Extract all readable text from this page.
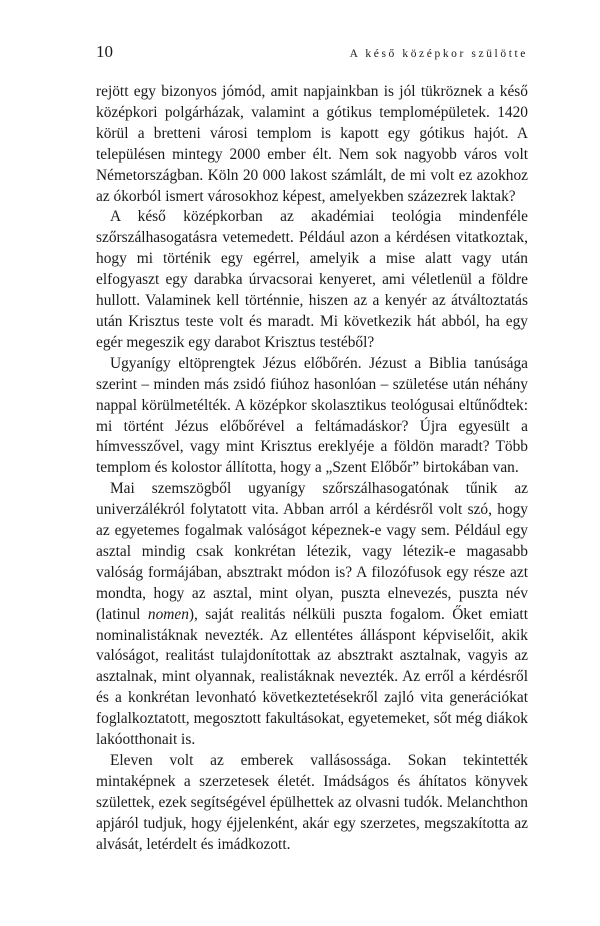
10	A késő középkor szülötte

rejött egy bizonyos jómód, amit napjainkban is jól tükröznek a késő középkori polgárházak, valamint a gótikus templomépületek. 1420 körül a bretteni városi templom is kapott egy gótikus hajót. A településen mintegy 2000 ember élt. Nem sok nagyobb város volt Németországban. Köln 20 000 lakost számlált, de mi volt ez azokhoz az ókorból ismert városokhoz képest, amelyekben százezrek laktak?

A késő középkorban az akadémiai teológia mindenféle szőrszálhasogatásra vetemedett. Például azon a kérdésen vitatkoztak, hogy mi történik egy egérrel, amelyik a mise alatt vagy után elfogyaszt egy darabka úrvacsorai kenyeret, ami véletlenül a földre hullott. Valaminek kell történnie, hiszen az a kenyér az átváltoztatás után Krisztus teste volt és maradt. Mi következik hát abból, ha egy egér megeszik egy darabot Krisztus testéből?

Ugyanígy eltöprengtek Jézus előbőrén. Jézust a Biblia tanúsága szerint – minden más zsidó fiúhoz hasonlóan – születése után néhány nappal körülmetélték. A középkor skolasztikus teológusai eltűnődtek: mi történt Jézus előbőrével a feltámadáskor? Újra egyesült a hímvesszővel, vagy mint Krisztus ereklyéje a földön maradt? Több templom és kolostor állította, hogy a „Szent Előbőr” birtokában van.

Mai szemszögből ugyanígy szőrszálhasogatónak tűnik az univerzálékról folytatott vita. Abban arról a kérdésről volt szó, hogy az egyetemes fogalmak valóságot képeznek-e vagy sem. Például egy asztal mindig csak konkrétan létezik, vagy létezik-e magasabb valóság formájában, absztrakt módon is? A filozófusok egy része azt mondta, hogy az asztal, mint olyan, puszta elnevezés, puszta név (latinul nomen), saját realitás nélküli puszta fogalom. Őket emiatt nominalistáknak nevezték. Az ellentétes álláspont képviselőit, akik valóságot, realitást tulajdonítottak az absztrakt asztalnak, vagyis az asztalnak, mint olyannak, realistáknak nevezték. Az erről a kérdésről és a konkrétan levonható következtetésekről zajló vita generációkat foglalkoztatott, megosztott fakultásokat, egyetemeket, sőt még diákok lakóotthonait is.

Eleven volt az emberek vallásossága. Sokan tekintették mintaképnek a szerzetesek életét. Imádságos és áhítatos könyvek születtek, ezek segítségével épülhettek az olvasni tudók. Melanchthon apjáról tudjuk, hogy éjjelenként, akár egy szerzetes, megszakította az alvását, letérdelt és imádkozott.
